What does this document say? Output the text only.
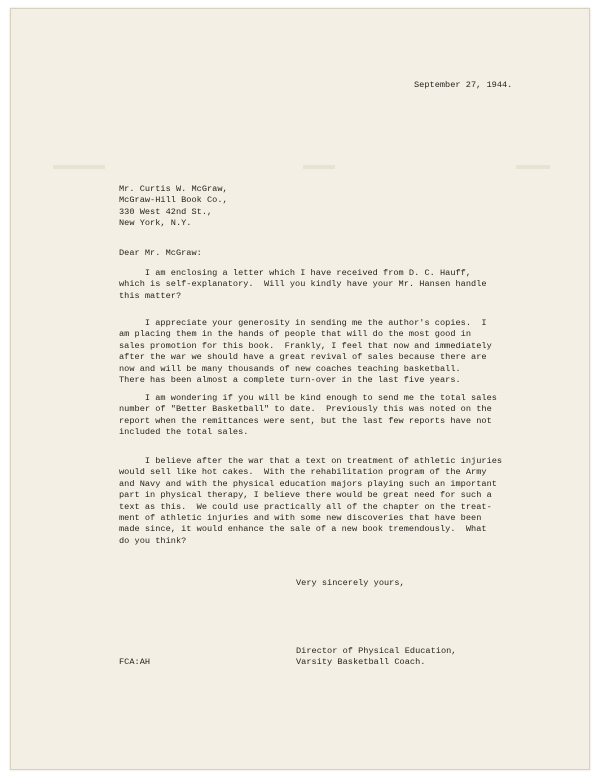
September 27, 1944.
Mr. Curtis W. McGraw,
McGraw-Hill Book Co.,
330 West 42nd St.,
New York, N.Y.
Dear Mr. McGraw:
I am enclosing a letter which I have received from D. C. Hauff,
which is self-explanatory.  Will you kindly have your Mr. Hansen handle
this matter?
I appreciate your generosity in sending me the author's copies.  I
am placing them in the hands of people that will do the most good in
sales promotion for this book.  Frankly, I feel that now and immediately
after the war we should have a great revival of sales because there are
now and will be many thousands of new coaches teaching basketball.
There has been almost a complete turn-over in the last five years.
I am wondering if you will be kind enough to send me the total sales
number of "Better Basketball" to date.  Previously this was noted on the
report when the remittances were sent, but the last few reports have not
included the total sales.
I believe after the war that a text on treatment of athletic injuries
would sell like hot cakes.  With the rehabilitation program of the Army
and Navy and with the physical education majors playing such an important
part in physical therapy, I believe there would be great need for such a
text as this.  We could use practically all of the chapter on the treat-
ment of athletic injuries and with some new discoveries that have been
made since, it would enhance the sale of a new book tremendously.  What
do you think?
Very sincerely yours,
Director of Physical Education,
Varsity Basketball Coach.
FCA:AH
